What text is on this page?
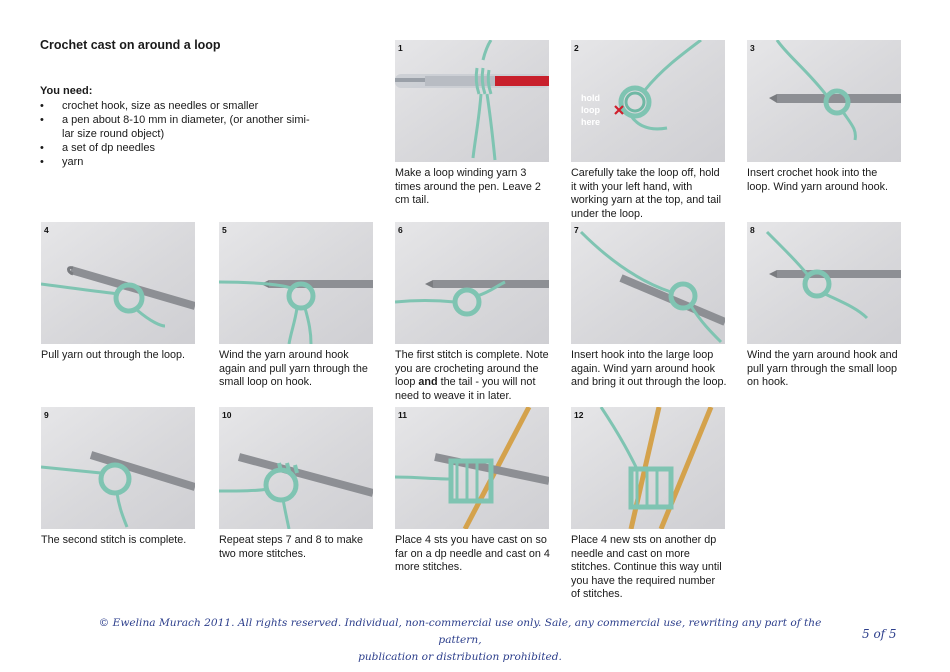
Crochet cast on around a loop
You need:
• crochet hook, size as needles or smaller
• a pen about 8-10 mm in diameter, (or another simi-
lar size round object)
• a set of dp needles
• yarn
1
Make a loop winding yarn 3 times around the pen. Leave 2 cm tail.
2
hold
loop
here
Carefully take the loop off, hold it with your left hand, with working yarn at the top, and tail under the loop.
3
Insert crochet hook into the loop. Wind yarn around hook.
4
Pull yarn out through the loop.
5
Wind the yarn around hook again and pull yarn through the small loop on hook.
6
The first stitch is complete. Note you are crocheting around the loop and the tail - you will not need to weave it in later.
7
Insert hook into the large loop again. Wind yarn around hook and bring it out through the loop.
8
Wind the yarn around hook and pull yarn through the small loop on hook.
9
The second stitch is complete.
10
Repeat steps 7 and 8 to make two more stitches.
11
Place 4 sts you have cast on so far on a dp needle and cast on 4 more stitches.
12
Place 4 new sts on another dp needle and cast on more stitches. Continue this way until you have the required number of stitches.
© Ewelina Murach 2011. All rights reserved. Individual, non-commercial use only. Sale, any commercial use, rewriting any part of the pattern,
publication or distribution prohibited.
5 of 5
